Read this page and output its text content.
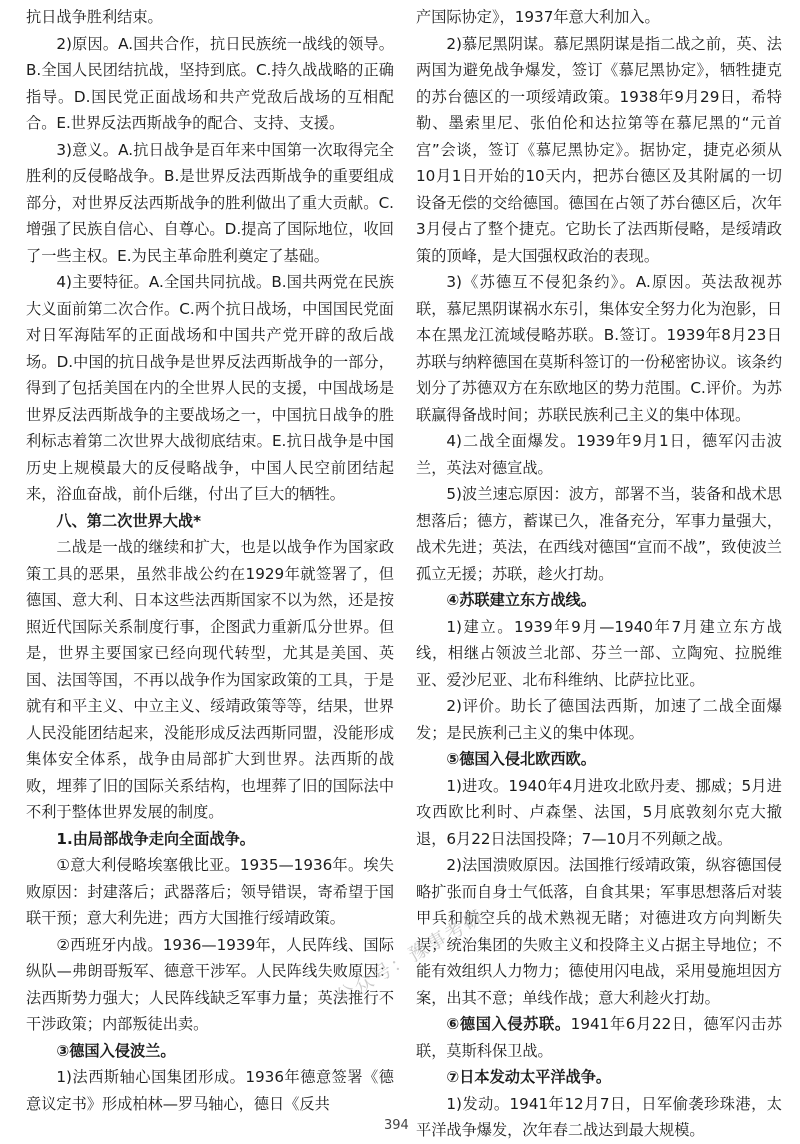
抗日战争胜利结束。

2)原因。A.国共合作，抗日民族统一战线的领导。B.全国人民团结抗战，坚持到底。C.持久战战略的正确指导。D.国民党正面战场和共产党敌后战场的互相配合。E.世界反法西斯战争的配合、支持、支援。

3)意义。A.抗日战争是百年来中国第一次取得完全胜利的反侵略战争。B.是世界反法西斯战争的重要组成部分，对世界反法西斯战争的胜利做出了重大贡献。C.增强了民族自信心、自尊心。D.提高了国际地位，收回了一些主权。E.为民主革命胜利奠定了基础。

4)主要特征。A.全国共同抗战。B.国共两党在民族大义面前第二次合作。C.两个抗日战场，中国国民党面对日军海陆军的正面战场和中国共产党开辟的敌后战场。D.中国的抗日战争是世界反法西斯战争的一部分，得到了包括美国在内的全世界人民的支援，中国战场是世界反法西斯战争的主要战场之一，中国抗日战争的胜利标志着第二次世界大战彻底结束。E.抗日战争是中国历史上规模最大的反侵略战争，中国人民空前团结起来，浴血奋战，前仆后继，付出了巨大的牺牲。

八、第二次世界大战*

二战是一战的继续和扩大，也是以战争作为国家政策工具的恶果，虽然非战公约在1929年就签署了，但德国、意大利、日本这些法西斯国家不以为然，还是按照近代国际关系制度行事，企图武力重新瓜分世界。但是，世界主要国家已经向现代转型，尤其是美国、英国、法国等国，不再以战争作为国家政策的工具，于是就有和平主义、中立主义、绥靖政策等等，结果，世界人民没能团结起来，没能形成反法西斯同盟，没能形成集体安全体系，战争由局部扩大到世界。法西斯的战败，埋葬了旧的国际关系结构，也埋葬了旧的国际法中不利于整体世界发展的制度。

1.由局部战争走向全面战争。

①意大利侵略埃塞俄比亚。1935—1936年。埃失败原因：封建落后；武器落后；领导错误，寄希望于国联干预；意大利先进；西方大国推行绥靖政策。

②西班牙内战。1936—1939年，人民阵线、国际纵队—弗朗哥叛军、德意干涉军。人民阵线失败原因：法西斯势力强大；人民阵线缺乏军事力量；英法推行不干涉政策；内部叛徒出卖。

③德国入侵波兰。

1)法西斯轴心国集团形成。1936年德意签署《德意议定书》形成柏林—罗马轴心，德日《反共

产国际协定》，1937年意大利加入。

2)慕尼黑阴谋。慕尼黑阴谋是指二战之前，英、法两国为避免战争爆发，签订《慕尼黑协定》，牺牲捷克的苏台德区的一项绥靖政策。1938年9月29日，希特勒、墨索里尼、张伯伦和达拉第等在慕尼黑的“元首宫”会谈，签订《慕尼黑协定》。据协定，捷克必须从10月1日开始的10天内，把苏台德区及其附属的一切设备无偿的交给德国。德国在占领了苏台德区后，次年3月侵占了整个捷克。它助长了法西斯侵略，是绥靖政策的顶峰，是大国强权政治的表现。

3)《苏德互不侵犯条约》。A.原因。英法敌视苏联，慕尼黑阴谋祸水东引，集体安全努力化为泡影，日本在黑龙江流域侵略苏联。B.签订。1939年8月23日苏联与纳粹德国在莫斯科签订的一份秘密协议。该条约划分了苏德双方在东欧地区的势力范围。C.评价。为苏联赢得备战时间；苏联民族利己主义的集中体现。

4)二战全面爆发。1939年9月1日，德军闪击波兰，英法对德宣战。

5)波兰速忘原因：波方，部署不当，装备和战术思想落后；德方，蓄谋已久，准备充分，军事力量强大，战术先进；英法，在西线对德国“宣而不战”，致使波兰孤立无援；苏联，趁火打劫。

④苏联建立东方战线。

1)建立。1939年9月—1940年7月建立东方战线，相继占领波兰北部、芬兰一部、立陶宛、拉脱维亚、爱沙尼亚、北布科维纳、比萨拉比亚。

2)评价。助长了德国法西斯，加速了二战全面爆发；是民族利己主义的集中体现。

⑤德国入侵北欧西欧。

1)进攻。1940年4月进攻北欧丹麦、挪威；5月进攻西欧比利时、卢森堡、法国，5月底敦刻尔克大撤退，6月22日法国投降；7—10月不列颠之战。

2)法国溃败原因。法国推行绥靖政策，纵容德国侵略扩张而自身士气低落，自食其果；军事思想落后对装甲兵和航空兵的战术熟视无睹；对德进攻方向判断失误；统治集团的失败主义和投降主义占据主导地位；不能有效组织人力物力；德使用闪电战，采用曼施坦因方案，出其不意；单线作战；意大利趁火打劫。

⑥德国入侵苏联。1941年6月22日，德军闪击苏联，莫斯科保卫战。

⑦日本发动太平洋战争。

1)发动。1941年12月7日，日军偷袭珍珠港，太平洋战争爆发，次年春二战达到最大规模。

公众号：豫事考研
394
